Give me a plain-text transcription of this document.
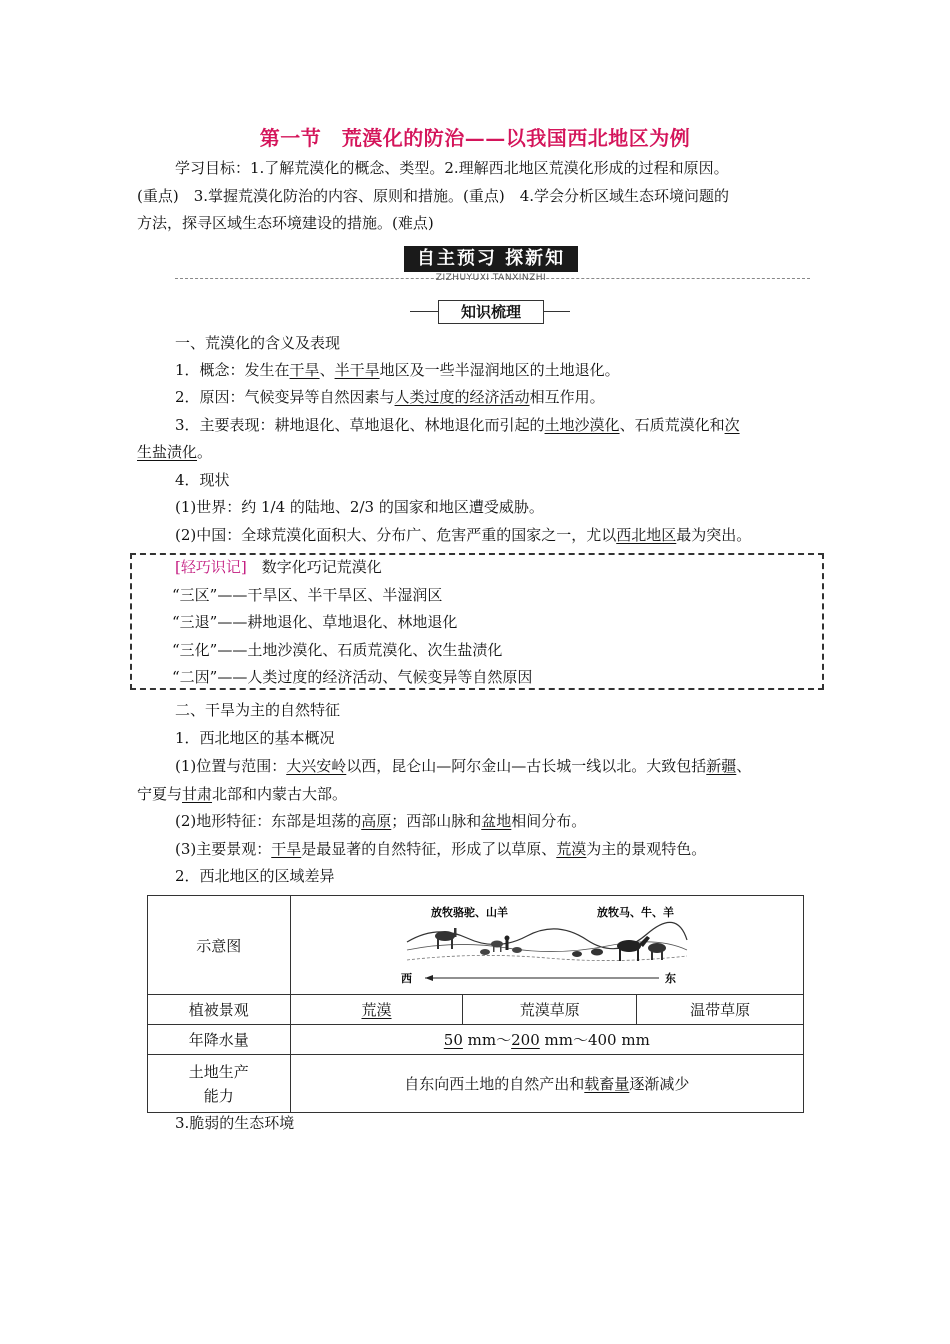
第一节　荒漠化的防治——以我国西北地区为例
学习目标：1.了解荒漠化的概念、类型。2.理解西北地区荒漠化形成的过程和原因。
(重点)　3.掌握荒漠化防治的内容、原则和措施。(重点)　4.学会分析区域生态环境问题的
方法，探寻区域生态环境建设的措施。(难点)
自主预习 探新知
ZIZHUYUXI TANXINZHI
知识梳理
一、荒漠化的含义及表现
1．概念：发生在干旱、半干旱地区及一些半湿润地区的土地退化。
2．原因：气候变异等自然因素与人类过度的经济活动相互作用。
3．主要表现：耕地退化、草地退化、林地退化而引起的土地沙漠化、石质荒漠化和次
生盐渍化。
4．现状
(1)世界：约 1/4 的陆地、2/3 的国家和地区遭受威胁。
(2)中国：全球荒漠化面积大、分布广、危害严重的国家之一，尤以西北地区最为突出。
[轻巧识记]　数字化巧记荒漠化
“三区”——干旱区、半干旱区、半湿润区
“三退”——耕地退化、草地退化、林地退化
“三化”——土地沙漠化、石质荒漠化、次生盐渍化
“二因”——人类过度的经济活动、气候变异等自然原因
二、干旱为主的自然特征
1．西北地区的基本概况
(1)位置与范围：大兴安岭以西，昆仑山—阿尔金山—古长城一线以北。大致包括新疆、
宁夏与甘肃北部和内蒙古大部。
(2)地形特征：东部是坦荡的高原；西部山脉和盆地相间分布。
(3)主要景观：干旱是最显著的自然特征，形成了以草原、荒漠为主的景观特色。
2．西北地区的区域差异
示意图	放牧骆驼、山羊 放牧马、牛、羊
西 东		

植被景观	荒漠	荒漠草原	温带草原
年降水量	50 mm～200 mm～400 mm		
土地生产
能力	自东向西土地的自然产出和载畜量逐渐减少		
3.脆弱的生态环境
